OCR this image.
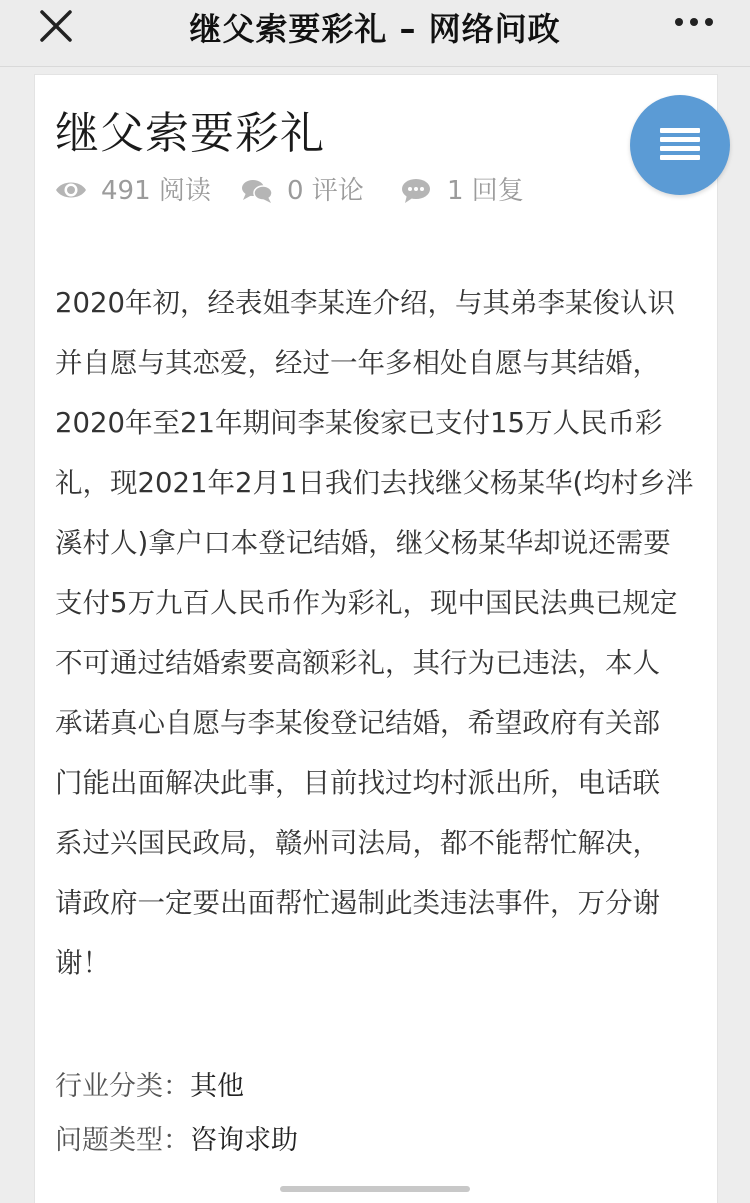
继父索要彩礼 – 网络问政
继父索要彩礼
491 阅读	0 评论	1 回复
2020年初，经表姐李某连介绍，与其弟李某俊认识
并自愿与其恋爱，经过一年多相处自愿与其结婚，
2020年至21年期间李某俊家已支付15万人民币彩
礼，现2021年2月1日我们去找继父杨某华(均村乡泮
溪村人)拿户口本登记结婚，继父杨某华却说还需要
支付5万九百人民币作为彩礼，现中国民法典已规定
不可通过结婚索要高额彩礼，其行为已违法，本人
承诺真心自愿与李某俊登记结婚，希望政府有关部
门能出面解决此事，目前找过均村派出所，电话联
系过兴国民政局，赣州司法局，都不能帮忙解决，
请政府一定要出面帮忙遏制此类违法事件，万分谢
谢！
行业分类：其他
问题类型：咨询求助
